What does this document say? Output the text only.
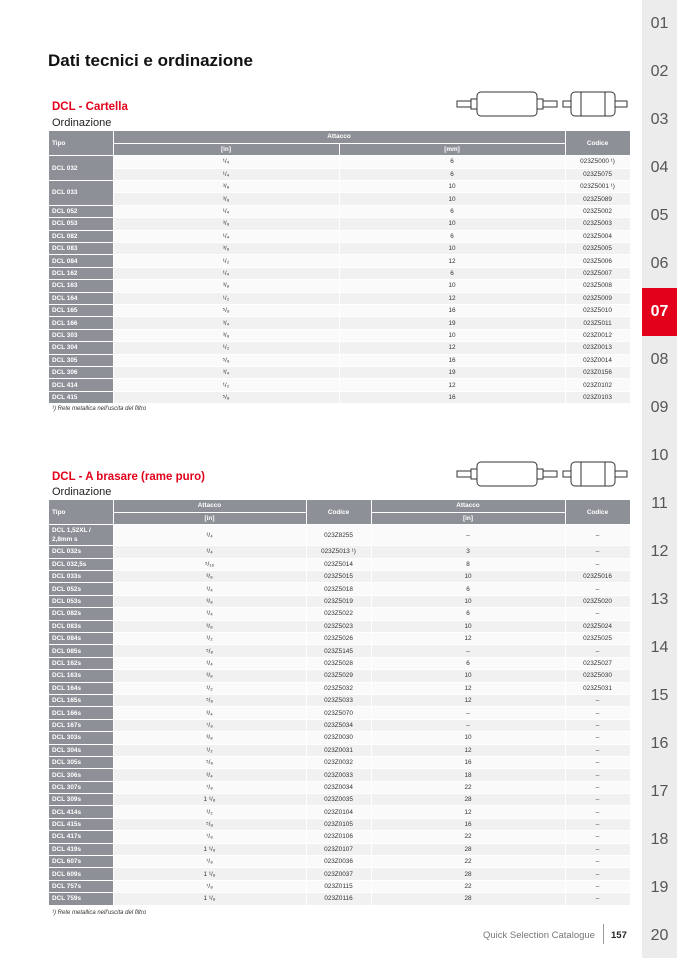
01
02
03
04
05
06
07
08
09
10
11
12
13
14
15
16
17
18
19
20
Dati tecnici e ordinazione
DCL - Cartella
Ordinazione
Tipo	Attacco		Codice
	[in]	[mm]	
DCL 032	¹/₄	6	023Z5000 ¹)
	¹/₄	6	023Z5075
DCL 033	³/₈	10	023Z5001 ¹)
	³/₈	10	023Z5089
DCL 052	¹/₄	6	023Z5002
DCL 053	³/₈	10	023Z5003
DCL 082	¹/₄	6	023Z5004
DCL 083	³/₈	10	023Z5005
DCL 084	¹/₂	12	023Z5006
DCL 162	¹/₄	6	023Z5007
DCL 163	³/₈	10	023Z5008
DCL 164	¹/₂	12	023Z5009
DCL 165	⁵/₈	16	023Z5010
DCL 166	³/₄	19	023Z5011
DCL 303	³/₈	10	023Z0012
DCL 304	¹/₂	12	023Z0013
DCL 305	⁵/₈	16	023Z0014
DCL 306	³/₄	19	023Z0156
DCL 414	¹/₂	12	023Z0102
DCL 415	⁵/₈	16	023Z0103
¹) Rete metallica nell'uscita del filtro
DCL - A brasare (rame puro)
Ordinazione
Tipo	Attacco	Codice	Attacco	Codice
	[in]		[in]	
DCL 1,52XL / 2,8mm s	¹/₄	023Z8255	–	–
DCL 032s	¹/₄	023Z5013 ¹)	3	–
DCL 032,5s	⁵/₁₆	023Z5014	8	–
DCL 033s	³/₈	023Z5015	10	023Z5016
DCL 052s	¹/₄	023Z5018	6	–
DCL 053s	³/₈	023Z5019	10	023Z5020
DCL 082s	¹/₄	023Z5022	6	–
DCL 083s	³/₈	023Z5023	10	023Z5024
DCL 084s	¹/₂	023Z5026	12	023Z5025
DCL 085s	⁵/₈	023Z5145	–	–
DCL 162s	¹/₄	023Z5028	6	023Z5027
DCL 163s	³/₈	023Z5029	10	023Z5030
DCL 164s	¹/₂	023Z5032	12	023Z5031
DCL 165s	⁵/₈	023Z5033	12	–
DCL 166s	³/₄	023Z5070	–	–
DCL 167s	⁷/₈	023Z5034	–	–
DCL 303s	³/₈	023Z0030	10	–
DCL 304s	¹/₂	023Z0031	12	–
DCL 305s	⁵/₈	023Z0032	16	–
DCL 306s	³/₄	023Z0033	18	–
DCL 307s	⁷/₈	023Z0034	22	–
DCL 309s	1 ¹/₈	023Z0035	28	–
DCL 414s	¹/₂	023Z0104	12	–
DCL 415s	⁵/₈	023Z0105	16	–
DCL 417s	⁷/₈	023Z0106	22	–
DCL 419s	1 ¹/₈	023Z0107	28	–
DCL 607s	⁷/₈	023Z0036	22	–
DCL 609s	1 ¹/₈	023Z0037	28	–
DCL 757s	⁷/₈	023Z0115	22	–
DCL 759s	1 ¹/₈	023Z0116	28	–
¹) Rete metallica nell'uscita del filtro
Quick Selection Catalogue 157
